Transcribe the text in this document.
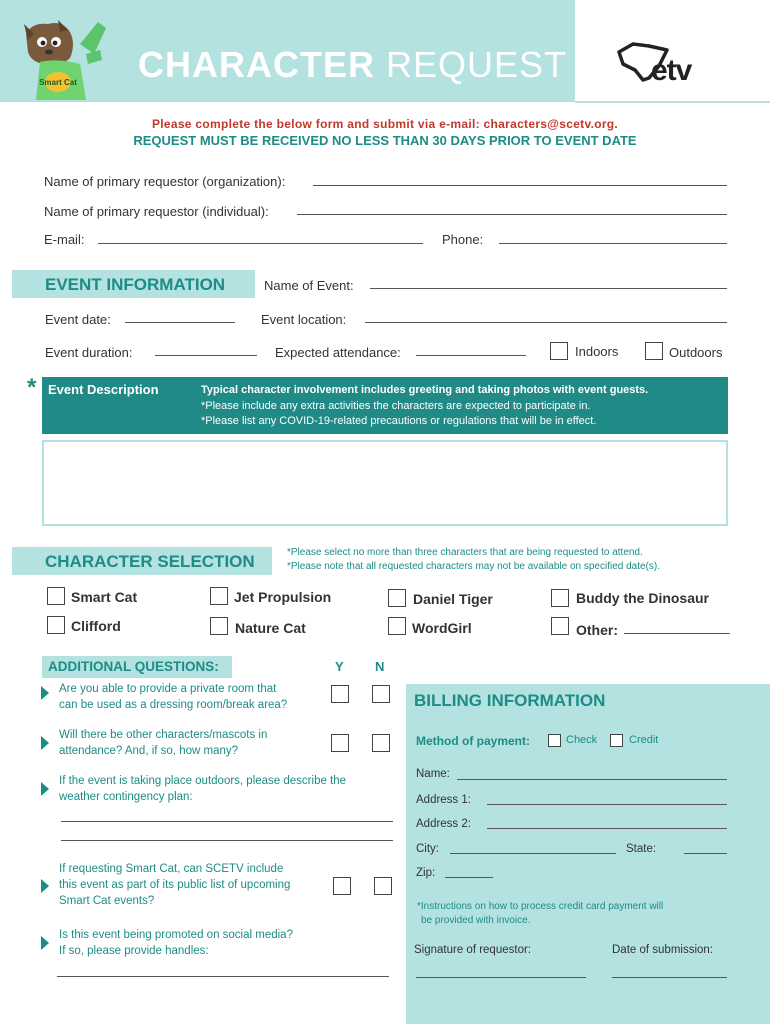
Smart Cat CHARACTER REQUEST	etv
Please complete the below form and submit via e-mail: characters@scetv.org.
REQUEST MUST BE RECEIVED NO LESS THAN 30 DAYS PRIOR TO EVENT DATE
Name of primary requestor (organization):
Name of primary requestor (individual):
E-mail:	Phone:
EVENT INFORMATION	Name of Event:
Event date:	Event location:
Event duration:	Expected attendance:	Indoors	Outdoors
* Event Description	Typical character involvement includes greeting and taking photos with event guests.
*Please include any extra activities the characters are expected to participate in.
*Please list any COVID-19-related precautions or regulations that will be in effect.
CHARACTER SELECTION	*Please select no more than three characters that are being requested to attend.
*Please note that all requested characters may not be available on specified date(s).
Smart Cat	Jet Propulsion	Daniel Tiger	Buddy the Dinosaur
Clifford	Nature Cat	WordGirl	Other:
ADDITIONAL QUESTIONS:	Y N
Are you able to provide a private room that
can be used as a dressing room/break area?
Will there be other characters/mascots in
attendance? And, if so, how many?
If the event is taking place outdoors, please describe the
weather contingency plan:
If requesting Smart Cat, can SCETV include
this event as part of its public list of upcoming
Smart Cat events?
Is this event being promoted on social media?
If so, please provide handles:
BILLING INFORMATION
Method of payment:	Check	Credit
Name:
Address 1:
Address 2:
City:	State:
Zip:
*Instructions on how to process credit card payment will
be provided with invoice.
Signature of requestor:	Date of submission:
